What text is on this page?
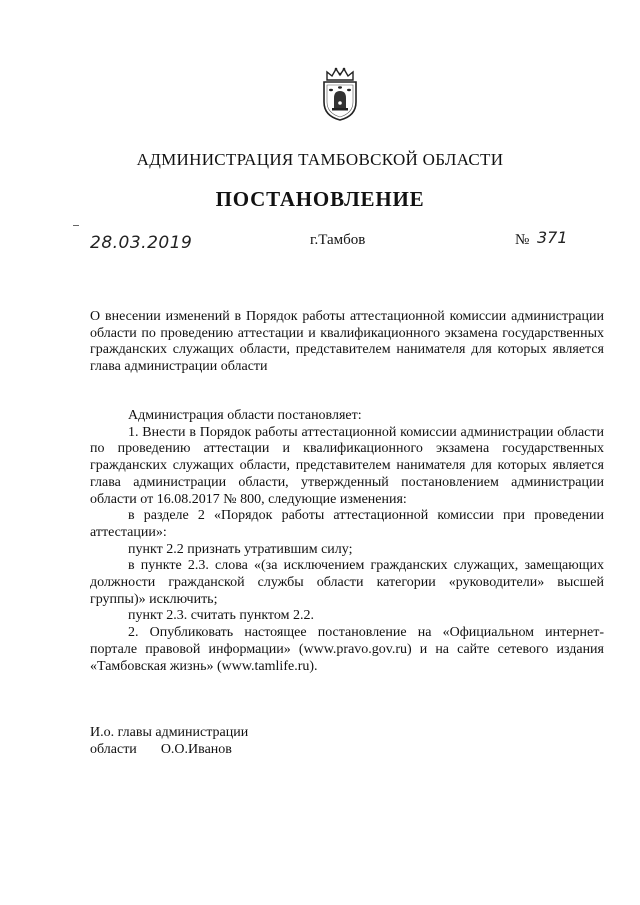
АДМИНИСТРАЦИЯ ТАМБОВСКОЙ ОБЛАСТИ
ПОСТАНОВЛЕНИЕ
28.03.2019	г.Тамбов	№ 371
О внесении изменений в Порядок работы аттестационной комиссии администрации области по проведению аттестации и квалификационного экзамена государственных гражданских служащих области, представителем нанимателя для которых является глава администрации области

Администрация области постановляет:

1. Внести в Порядок работы аттестационной комиссии администрации области по проведению аттестации и квалификационного экзамена государственных гражданских служащих области, представителем нанимателя для которых является глава администрации области, утвержденный постановлением администрации области от 16.08.2017 № 800, следующие изменения:

в разделе 2 «Порядок работы аттестационной комиссии при проведении аттестации»:

пункт 2.2 признать утратившим силу;

в пункте 2.3. слова «(за исключением гражданских служащих, замещающих должности гражданской службы области категории «руководители» высшей группы)» исключить;

пункт 2.3. считать пунктом 2.2.

2. Опубликовать настоящее постановление на «Официальном интернет-портале правовой информации» (www.pravo.gov.ru) и на сайте сетевого издания «Тамбовская жизнь» (www.tamlife.ru).

И.о. главы администрации
области О.О.Иванов
